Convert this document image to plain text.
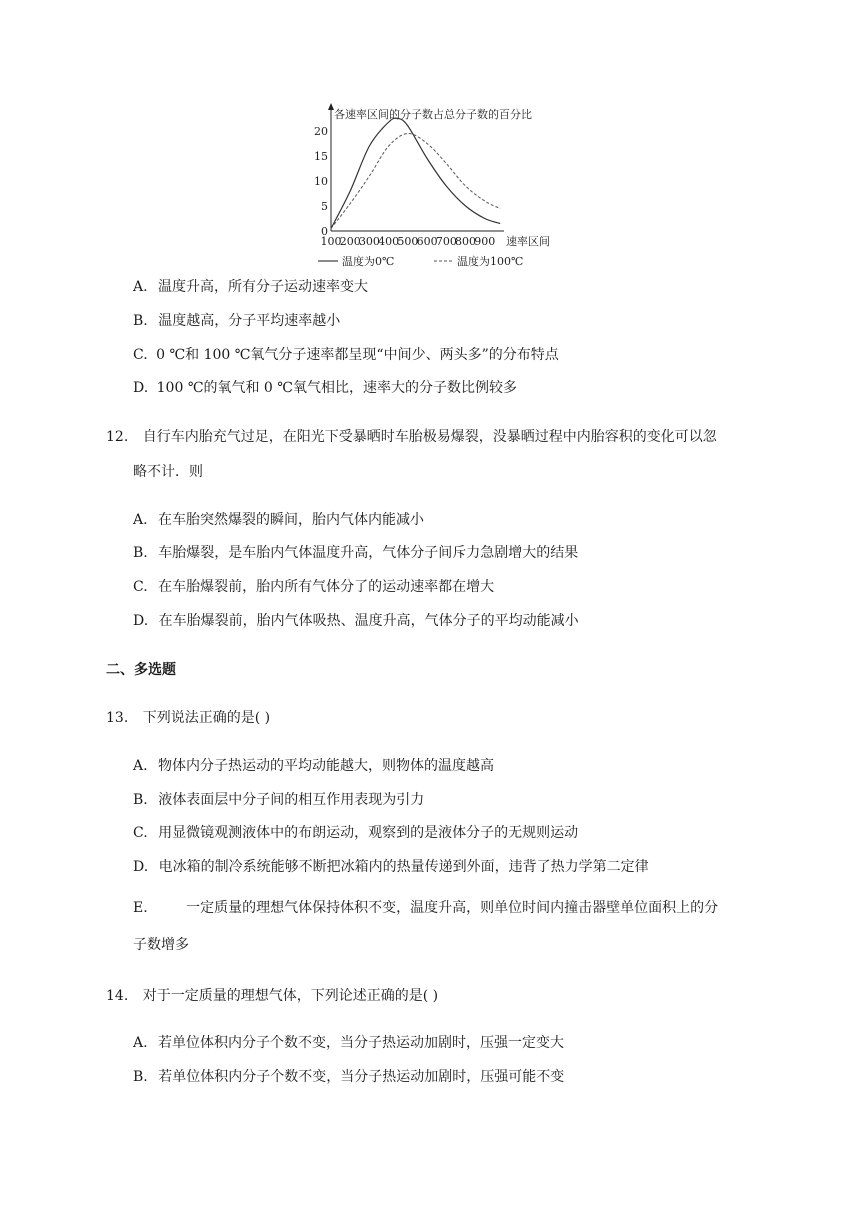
各速率区间的分子数占总分子数的百分比
速率区间
0
5
10
15
20
100
200
300
400
500
600
700
800
900
温度为0℃	温度为100℃
A. 温度升高，所有分子运动速率变大
B. 温度越高，分子平均速率越小
C. 0 ℃和 100 ℃氧气分子速率都呈现“中间少、两头多”的分布特点
D. 100 ℃的氧气和 0 ℃氧气相比，速率大的分子数比例较多
12. 自行车内胎充气过足，在阳光下受暴晒时车胎极易爆裂，没暴晒过程中内胎容积的变化可以忽
略不计．则
A. 在车胎突然爆裂的瞬间，胎内气体内能减小
B. 车胎爆裂，是车胎内气体温度升高，气体分子间斥力急剧增大的结果
C. 在车胎爆裂前，胎内所有气体分了的运动速率都在增大
D. 在车胎爆裂前，胎内气体吸热、温度升高，气体分子的平均动能减小
二、多选题
13. 下列说法正确的是( )
A. 物体内分子热运动的平均动能越大，则物体的温度越高
B. 液体表面层中分子间的相互作用表现为引力
C. 用显微镜观测液体中的布朗运动，观察到的是液体分子的无规则运动
D. 电冰箱的制冷系统能够不断把冰箱内的热量传递到外面，违背了热力学第二定律
E.	一定质量的理想气体保持体积不变，温度升高，则单位时间内撞击器壁单位面积上的分
子数增多
14. 对于一定质量的理想气体，下列论述正确的是( )
A. 若单位体积内分子个数不变，当分子热运动加剧时，压强一定变大
B. 若单位体积内分子个数不变，当分子热运动加剧时，压强可能不变
